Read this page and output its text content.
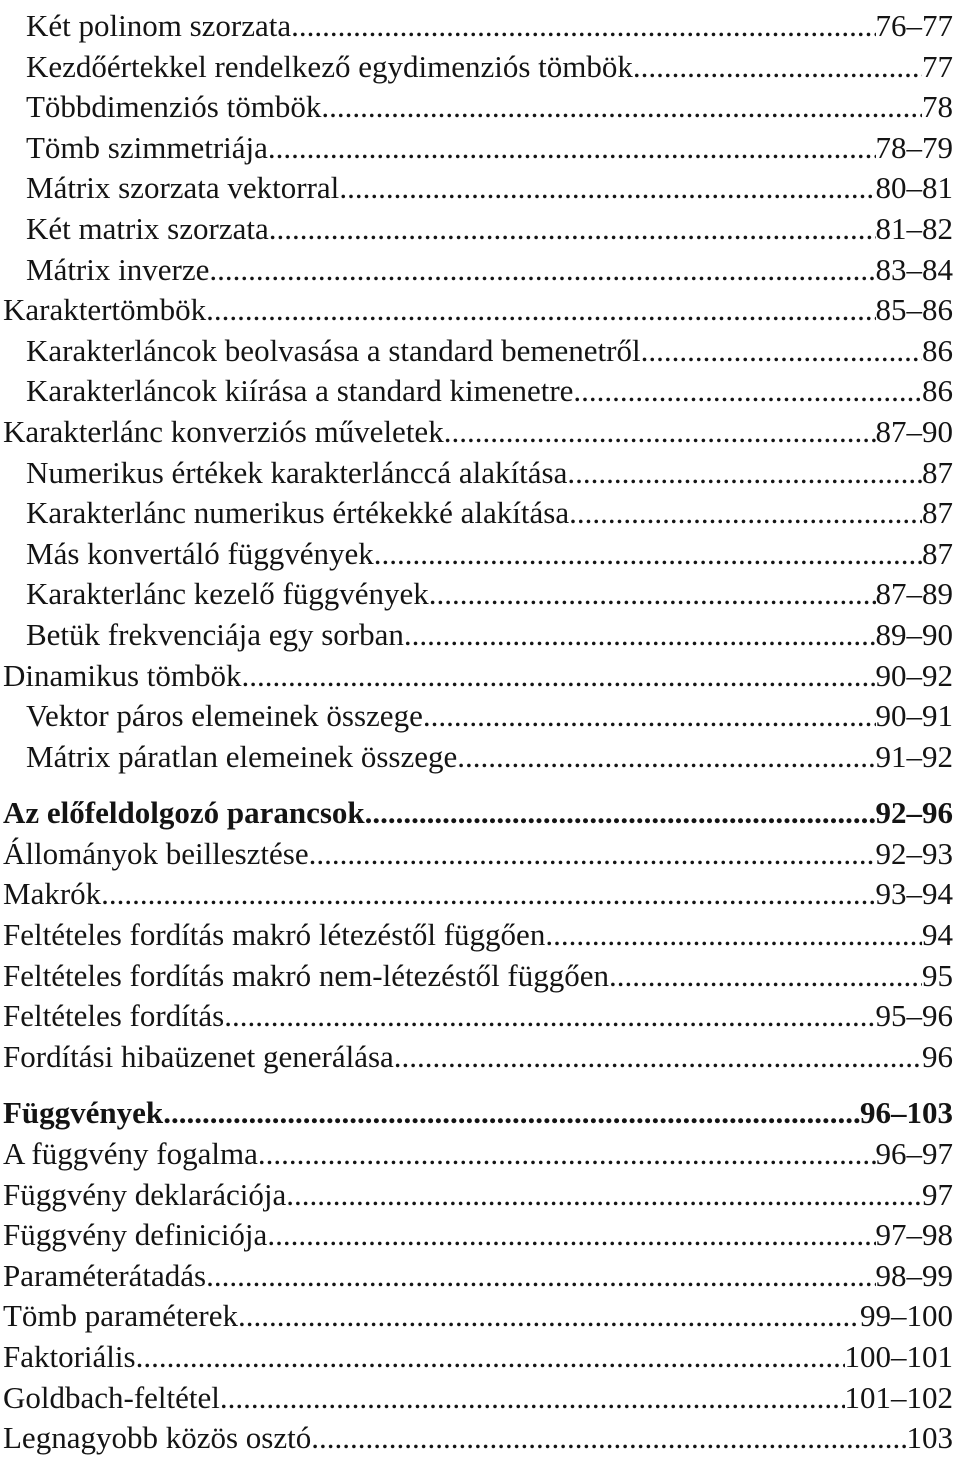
Két polinom szorzata .....	76–77
Kezdőértekkel rendelkező egydimenziós tömbök .....	77
Többdimenziós tömbök .....	78
Tömb szimmetriája .....	78–79
Mátrix szorzata vektorral .....	80–81
Két matrix szorzata .....	81–82
Mátrix inverze .....	83–84
Karaktertömbök .....	85–86
Karakterláncok beolvasása a standard bemenetről .....	86
Karakterláncok kiírása a standard kimenetre .....	86
Karakterlánc konverziós műveletek .....	87–90
Numerikus értékek karakterlánccá alakítása .....	87
Karakterlánc numerikus értékekké alakítása .....	87
Más konvertáló függvények .....	87
Karakterlánc kezelő függvények .....	87–89
Betük frekvenciája egy sorban .....	89–90
Dinamikus tömbök .....	90–92
Vektor páros elemeinek összege .....	90–91
Mátrix páratlan elemeinek összege .....	91–92
Az előfeldolgozó parancsok .....	92–96
Állományok beillesztése .....	92–93
Makrók .....	93–94
Feltételes fordítás makró létezéstől függően .....	94
Feltételes fordítás makró nem-létezéstől függően .....	95
Feltételes fordítás .....	95–96
Fordítási hibaüzenet generálása .....	96
Függvények .....	96–103
A függvény fogalma .....	96–97
Függvény deklarációja .....	97
Függvény definiciója .....	97–98
Paraméterátadás .....	98–99
Tömb paraméterek .....	99–100
Faktoriális .....	100–101
Goldbach-feltétel .....	101–102
Legnagyobb közös osztó .....	103
